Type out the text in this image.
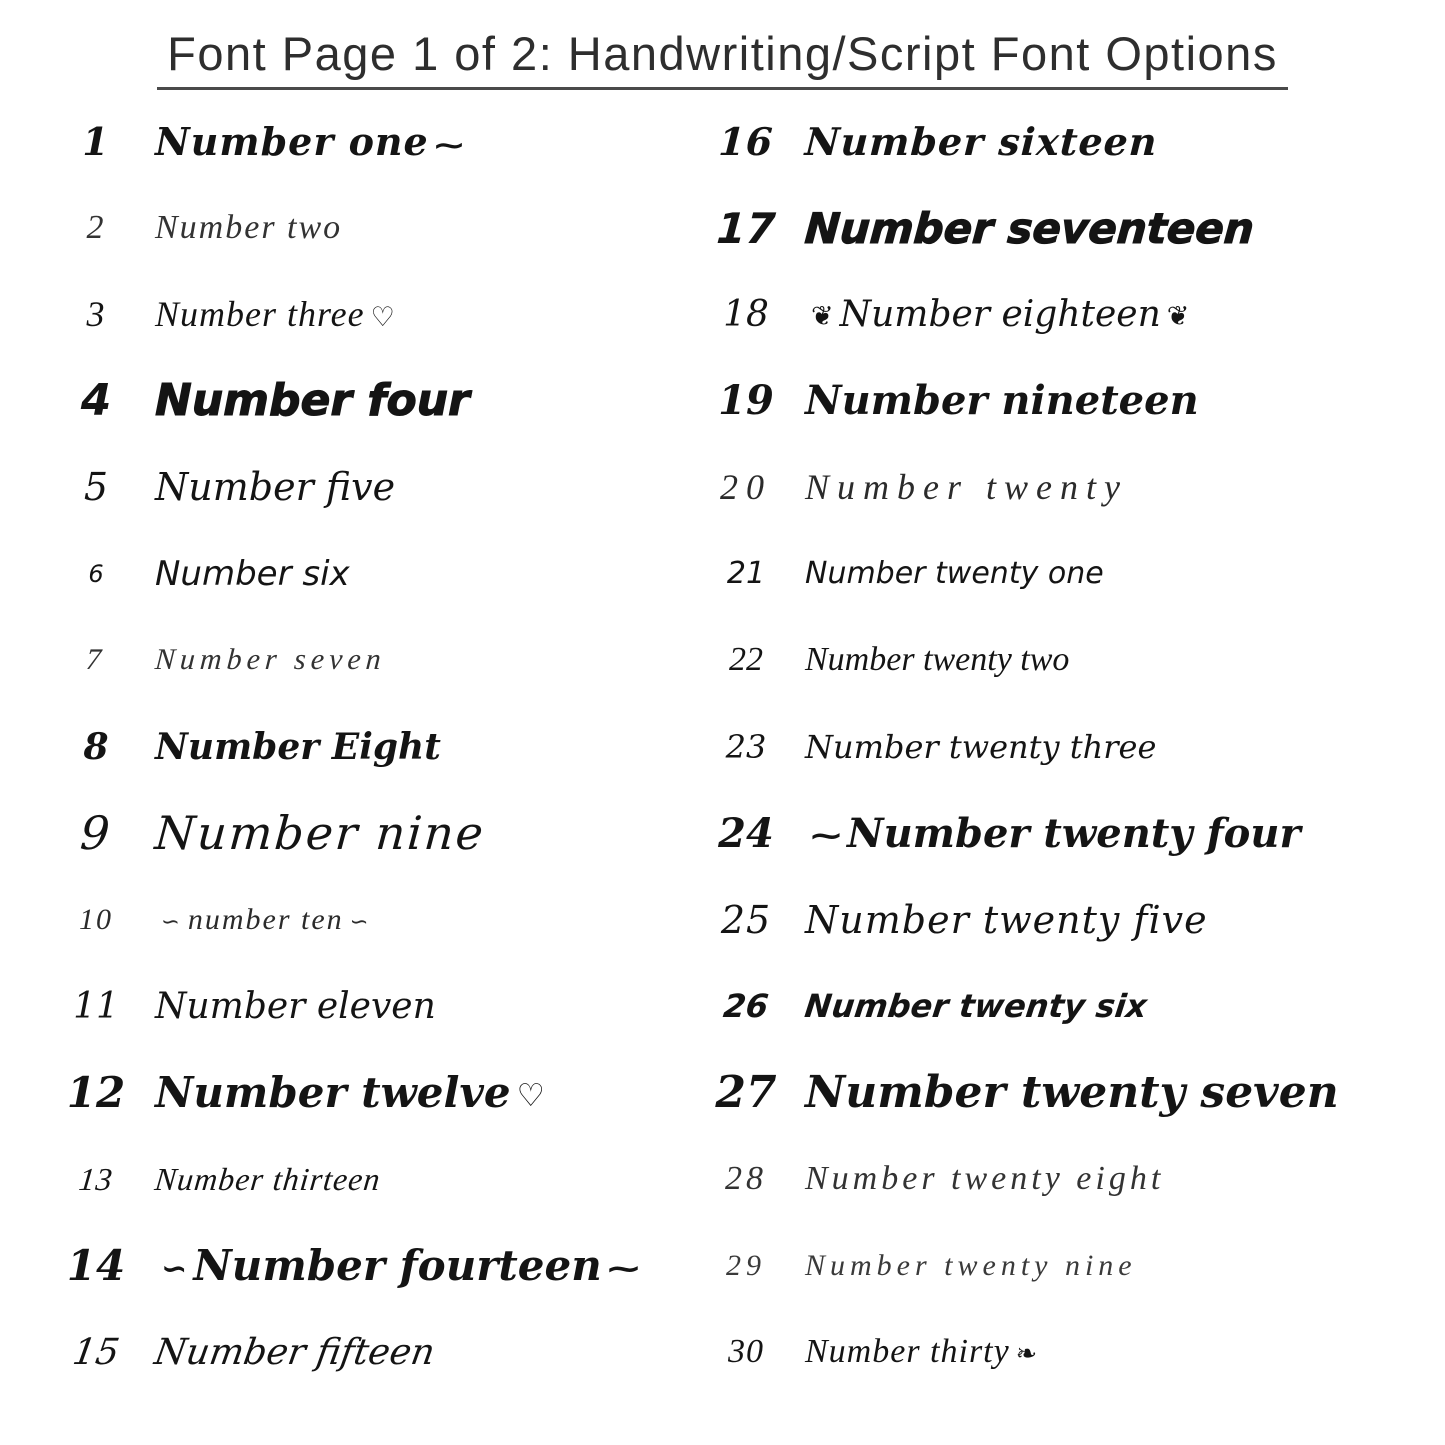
Font Page 1 of 2: Handwriting/Script Font Options
1	Number one ⁓
2	Number two
3	Number three ♡
4 Number four
5	Number five
6	Number six
7	Number seven
8	Number Eight
9 Number nine
10	∽ number ten ∽
11	Number eleven
12 Number twelve ♡
13	Number thirteen
14	∽ Number fourteen ⁓
15 Number fifteen
16 Number sixteen
17 Number seventeen
18	❦ Number eighteen ❦
19 Number nineteen
20 Number twenty
21	Number twenty one
22	Number twenty two
23	Number twenty three
24	⁓ Number twenty four
25 Number twenty five
26	Number twenty six
27 Number twenty seven
28	Number twenty eight
29	Number twenty nine
30	Number thirty ❧
